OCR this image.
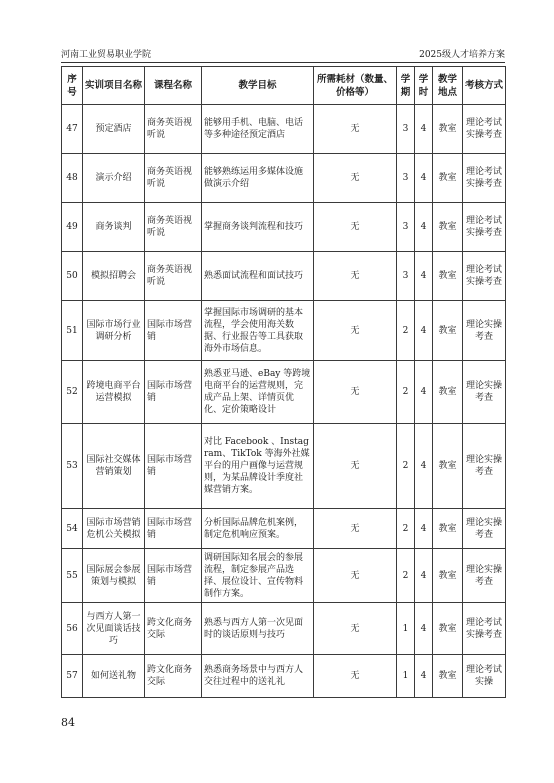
河南工业贸易职业学院	2025级人才培养方案
序号	实训项目名称	课程名称	教学目标	所需耗材（数量、价格等）	学期	学时	教学地点	考核方式
47	预定酒店	商务英语视听说	能够用手机、电脑、电话等多种途径预定酒店	无	3	4	教室	理论考试实操考查
48	演示介绍	商务英语视听说	能够熟练运用多媒体设施做演示介绍	无	3	4	教室	理论考试实操考查
49	商务谈判	商务英语视听说	掌握商务谈判流程和技巧	无	3	4	教室	理论考试实操考查
50	模拟招聘会	商务英语视听说	熟悉面试流程和面试技巧	无	3	4	教室	理论考试实操考查
51	国际市场行业调研分析	国际市场营销	掌握国际市场调研的基本流程，学会使用海关数据、行业报告等工具获取海外市场信息。	无	2	4	教室	理论实操考查
52	跨境电商平台运营模拟	国际市场营销	熟悉亚马逊、eBay 等跨境电商平台的运营规则，完成产品上架、详情页优化、定价策略设计	无	2	4	教室	理论实操考查
53	国际社交媒体营销策划	国际市场营销	对比 Facebook 、Instagram、TikTok 等海外社媒平台的用户画像与运营规则，为某品牌设计季度社媒营销方案。	无	2	4	教室	理论实操考查
54	国际市场营销危机公关模拟	国际市场营销	分析国际品牌危机案例，制定危机响应预案。	无	2	4	教室	理论实操考查
55	国际展会参展策划与模拟	国际市场营销	调研国际知名展会的参展流程，制定参展产品选择、展位设计、宣传物料制作方案。	无	2	4	教室	理论实操考查
56	与西方人第一次见面谈话技巧	跨文化商务交际	熟悉与西方人第一次见面时的谈话原则与技巧	无	1	4	教室	理论考试实操考查
57	如何送礼物	跨文化商务交际	熟悉商务场景中与西方人交往过程中的送礼礼	无	1	4	教室	理论考试实操
84
